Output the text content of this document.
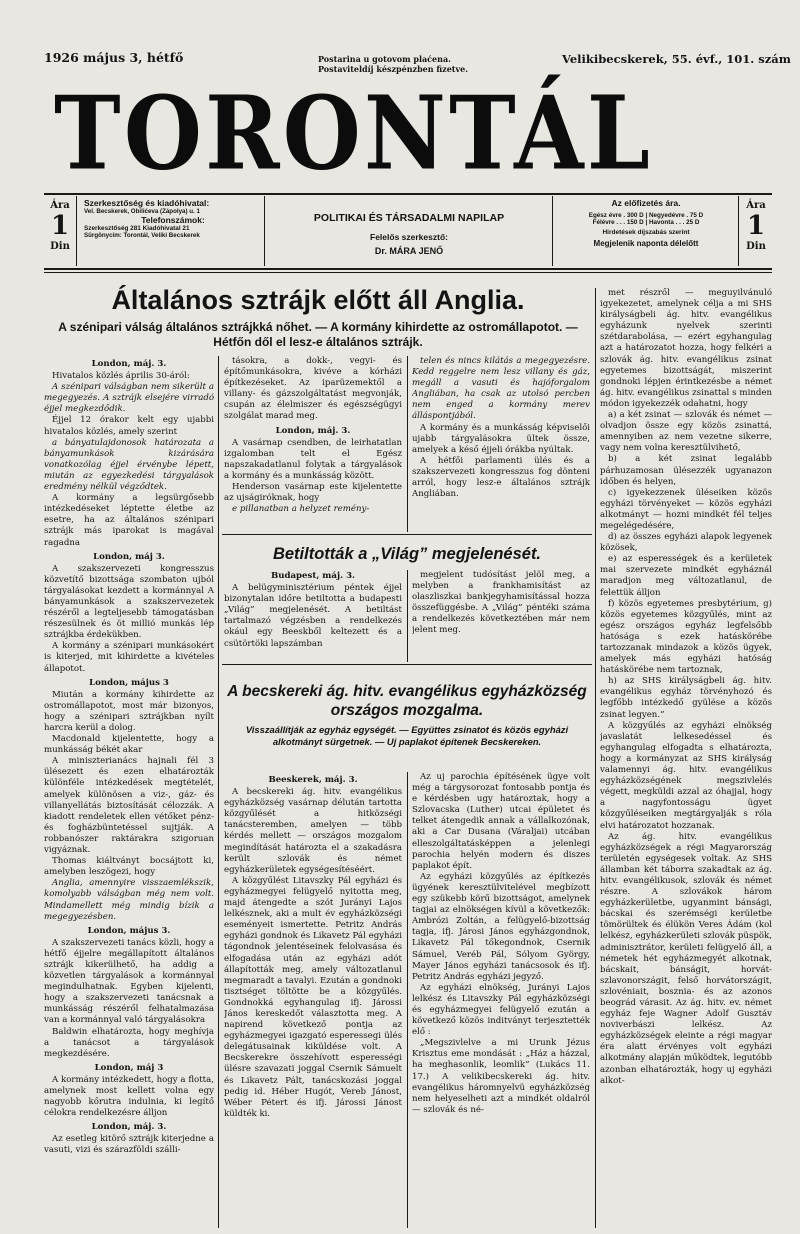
1926 május 3, hétfő	Postarina u gotovom plaćena.
Postaviteldíj készpénzben fizetve.
Velikibecskerek, 55. évf., 101. szám
TORONTÁL
Ára
1
Din
Ára
1
Din
Szerkesztőség és kiadóhivatal:
Vel. Becskerek, Obilićeva (Zápolya) u. 1
Telefonszámok:
Szerkesztőség 281 Kiadóhivatal 21
Sürgönycím: Torontál, Veliki Becskerek
POLITIKAI ÉS TÁRSADALMI NAPILAP
Felelős szerkesztő:
Dr. MÁRA JENŐ
Az előfizetés ára.
Egész évre . 300 D | Negyedévre . 75 D
Félévre . . . 150 D | Havonta . . . 25 D
Hirdetések díjszabás szerint
Megjelenik naponta délelőtt
Általános sztrájk előtt áll Anglia.
A szénipari válság általános sztrájkká nőhet. — A kormány kihirdette az ostromállapotot. — Hétfőn dől el lesz-e általános sztrájk.

London, máj. 3.

Hivatalos közlés április 30-áról:

A szénipari válságban nem sikerült a megegyezés. A sztrájk elsejére virradó éjjel megkezdődik.

Éjjel 12 órakor kelt egy ujabbi hivatalos közlés, amely szerint

a bányatulajdonosok határozata a bányamunkások kizárására vonatkozólag éjjel érvénybe lépett, miután az egyezkedési tárgyalások eredmény nélkül végződtek.

A kormány a legsürgősebb intézkedéseket léptette életbe az esetre, ha az általános szénipari sztrájk más iparokat is magával ragadna

London, máj 3.

A szakszervezeti kongresszus közvetítő bizottsága szombaton ujból tárgyalásokat kezdett a kormánnyal A bányamunkások a szakszervezetek részéről a legteljesebb támogatásban részesülnek és öt millió munkás lép sztrájkba érdekükben.

A kormány a szénipari munkásokért is kiterjed, mit kihirdette a kivételes állapotot.

London, május 3

Miután a kormány kihirdette az ostromállapotot, most már bizonyos, hogy a szénipari sztrájkban nyílt harcra kerül a dolog.

Macdonald kijelentette, hogy a munkásság békét akar

A miniszterianács hajnali fél 3 ülésezett és ezen elhatározták különféle intézkedések megtételét, amelyek különösen a viz-, gáz- és villanyellátás biztosítását célozzák. A kiadott rendeletek ellen vétőket pénz- és fogházbüntetéssel sujtják. A robbanószer raktárakra szigoruan vigyáznak.

Thomas kiáltványt bocsájtott ki, amelyben leszögezi, hogy

Anglia, amennyire visszaemlékszik, komolyabb válságban még nem volt. Mindamellett még mindig bízik a megegyezésben.

London, május 3.

A szakszervezeti tanács közli, hogy a hétfő éjjelre megállapított általános sztrájk kikerülhető, ha addig a közvetlen tárgyalások a kormánnyal megindulhatnak. Egyben kijelenti, hogy a szakszervezeti tanácsnak a munkásság részéről felhatalmazása van a kormánnyal való tárgyalásokra

Baldwin elhatározta, hogy meghívja a tanácsot a tárgyalások megkezdésére.

London, máj 3

A kormány intézkedett, hogy a flotta, amelynek most kellett volna egy nagyobb kőrutra indulnia, ki legítő célokra rendelkezésre álljon

London, máj. 3.

Az esetleg kitörő sztrájk kiterjedne a vasuti, vizi és szárazföldi szálli-

tásokra, a dokk-, vegyi- és építőmunkásokra, kivéve a kórházi építkezéseket. Az iparüzemektől a villany- és gázszolgáltatást megvonják, csupán az élelmiszer és egészségügyi szolgálat marad meg.

London, máj. 3.

A vasárnap csendben, de leirhatatlan izgalomban telt el Egész napszakadatlanul folytak a tárgyalások a kormány és a munkásság között.

Henderson vasárnap este kijelentette az ujságiróknak, hogy

e pillanatban a helyzet remény-

telen és nincs kilátás a megegyezésre. Kedd reggelre nem lesz villany és gáz, megáll a vasuti és hajóforgalom Angliában, ha csak az utolsó percben nem enged a kormány merev álláspontjából.

A kormány és a munkásság képviselői ujabb tárgyalásokra ültek össze, amelyek a késő éjjeli órákba nyúltak.

A hétfői parlamenti ülés és a szakszervezeti kongresszus fog dönteni arról, hogy lesz-e általános sztrájk Angliában.

Betiltották a „Világ” megjelenését.

Budapest, máj. 3.

A belügyminisztérium péntek éjjel bizonytalan időre betiltotta a budapesti „Világ” megjelenését. A betiltást tartalmazó végzésben a rendelkezés okául egy Beeskből keltezett és a csütörtöki lapszámban

megjelent tudósítást jelöl meg, a melyben a frankhamisítást az olaszliszkai bankjegyhamisítással hozza összefüggésbe. A „Világ” péntéki száma a rendelkezés következtében már nem jelent meg.

A becskereki ág. hitv. evangélikus egyházközség országos mozgalma.
Visszaállítják az egyház egységét. — Együttes zsinatot és közös egyházi alkotmányt sürgetnek. — Uj paplakot építenek Becskereken.

Beeskerek, máj. 3.

A becskereki ág. hitv. evangélikus egyházközség vasárnap délután tartotta közgyűlését a hitközségi tanácsteremben, amelyen — több kérdés mellett — országos mozgalom megindítását határozta el a szakadásra került szlovák és német egyházkerületek egységesítéséért.

A közgyűlést Litavszky Pál egyházi és egyházmegyei felügyelő nyitotta meg, majd átengedte a szót Jurányi Lajos lelkésznek, aki a mult év egyházközségi eseményeit ismertette. Petritz András egyházi gondnok és Likavetz Pál egyházi tágondnok jelentéseinek felolvasása és elfogadása után az egyházi adót állapították meg, amely változatlanul megmaradt a tavalyi. Ezután a gondnoki tisztséget töltötte be a közgyűlés. Gondnokká egyhangulag ifj. Járossi János kereskedőt választotta meg. A napirend következő pontja az egyházmegyei igazgató esperessegi ülés delegátusainak kiküldése volt. A Becskerekre összehívott esperességi ülésre szavazati joggal Csernik Sámuelt és Likavetz Pált, tanácskozási joggal pedig id. Héber Hugót, Vereb Jánost, Wéber Pétert és ifj. Járossi Jánost küldték ki.

Az uj parochia építésének ügye volt még a tárgysorozat fontosabb pontja és e kérdésben ugy határoztak, hogy a Szlovacska (Luther) utcai épületet és telket átengedik annak a vállalkozónak, aki a Car Dusana (Váraljai) utcában elleszolgáltatásképpen a jelenlegi parochia helyén modern és diszes paplakot épít.

Az egyházi közgyűlés az építkezés ügyének keresztülvitelével megbízott egy szükebb körű bizottságot, amelynek tagjai az elnökségen kívül a következők: Ambrózi Zoltán, a felügyelő-bizottság tagja, ifj. Járosi János egyházgondnok, Likavetz Pál tőkegondnok, Csernik Sámuel, Veréb Pál, Sólyom György, Mayer János egyházi tanácsosok és ifj. Petritz András egyházi jegyző.

Az egyházi elnökség, Jurányi Lajos lelkész és Litavszky Pál egyházközségi és egyházmegyei felügyelő ezután a következő közös inditványt terjesztették elő :

„Megszivlelve a mi Urunk Jézus Krisztus eme mondását : „Ház a házzal, ha meghasonlik, leomlik” (Lukács 11. 17.) A velikibecskereki ág. hitv. evangélikus háromnyelvü egyházközség nem helyeselheti azt a mindkét oldalról — szlovák és né-

met részről — meguyilvánuló igyekezetet, amelynek célja a mi SHS királyságbeli ág. hitv. evangélikus egyházunk nyelvek szerinti szétdarabolása, — ezért egyhangulag azt a határozatot hozza, hogy felkéri a szlovák ág. hitv. evangélikus zsinat egyetemes bizottságát, miszerint gondnoki lépjen érintkezésbe a német ág. hitv. evangélikus zsinattal s minden módon igyekezzék odahatni, hogy

a) a két zsinat — szlovák és német — olvadjon össze egy közös zsinattá, amennyiben az nem vezetne sikerre, vagy nem volna keresztülvihető,

b) a két zsinat legalább párhuzamosan ülésezzék ugyanazon időben és helyen,

c) igyekezzenek üléseiken közös egyházi törvényeket — közös egyházi alkotmányt — hozni mindkét fél teljes megelégedésére,

d) az összes egyházi alapok legyenek közösek,

e) az esperességek és a kerületek mai szervezete mindkét egyháznál maradjon meg változatlanul, de felettük álljon

f) közös egyetemes presbytérium, g) közös egyetemes közgyűlés, mint az egész országos egyház legfelsőbb hatósága s ezek hatáskörébe tartozzanak mindazok a közös ügyek, amelyek más egyházi hatóság hatáskörébe nem tartoznak,

h) az SHS királyságbeli ág. hitv. evangélikus egyház törvényhozó és legfőbb intézkedő gyülése a közös zsinat legyen.”

A közgyűlés az egyházi elnökség javaslatát lelkesedéssel és egyhangulag elfogadta s elhatározta, hogy a kormányzat az SHS királyság valamennyi ág. hitv. evangélikus egyházközségének megszivlelés végett, megküldi azzal az óhajjal, hogy a nagyfontosságu ügyet közgyűléseiken megtárgyalják s róla elvi határozatot hozzanak.

Az ág. hitv. evangélikus egyházközségek a régi Magyarország területén egységesek voltak. Az SHS államban két táborra szakadtak az ág. hitv. evangélikusok, szlovák és német részre. A szlovákok három egyházkerületbe, ugyanmint bánsági, bácskai és szerémségi kerületbe tömörültek és élükön Veres Ádám (kol lelkész, egyházkerületi szlovák püspök, adminisztrátor, kerületi felügyelő áll, a németek hét egyházmegyét alkotnak, bácskait, bánságit, horvát-szlavonországit, felső horvátországit, szlovéniait, bosznia- és az azonos beográd várasit. Az ág. hitv. ev. német egyház feje Wagner Adolf Gusztáv noviverbászi lelkész. Az egyházközségek eleinte a régi magyar éra alatt érvényes volt egyházi alkotmány alapján működtek, legutóbb azonban elhatározták, hogy uj egyházi alkot-
